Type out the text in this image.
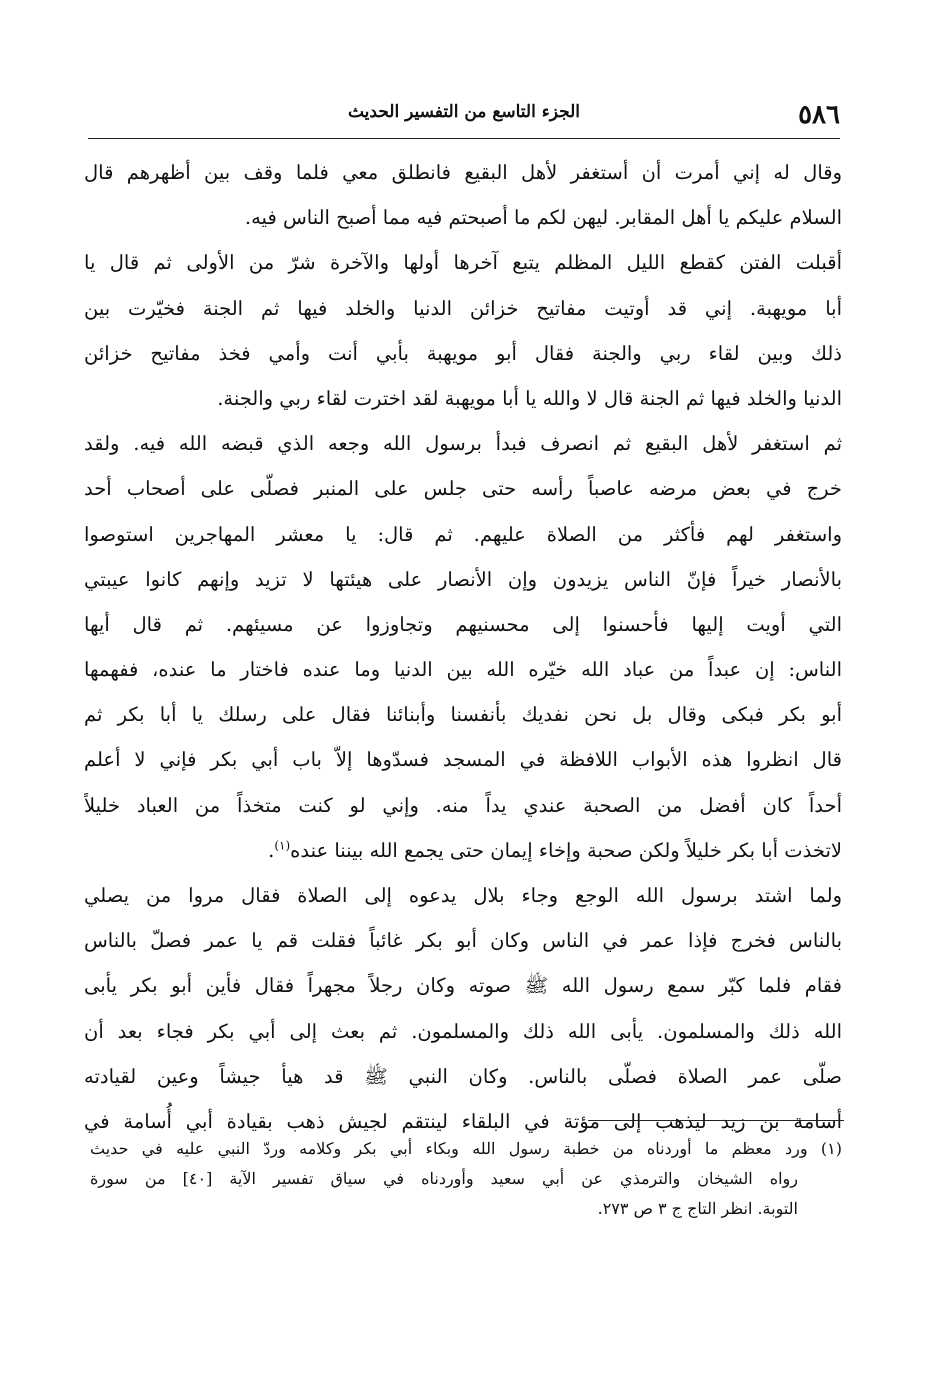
٥٨٦
الجزء التاسع من التفسير الحديث
وقال له إني أمرت أن أستغفر لأهل البقيع فانطلق معي فلما وقف بين أظهرهم قال
السلام عليكم يا أهل المقابر. ليهن لكم ما أصبحتم فيه مما أصبح الناس فيه.
أقبلت الفتن كقطع الليل المظلم يتبع آخرها أولها والآخرة شرّ من الأولى ثم قال يا
أبا مويهبة. إني قد أوتيت مفاتيح خزائن الدنيا والخلد فيها ثم الجنة فخيّرت بين
ذلك وبين لقاء ربي والجنة فقال أبو مويهبة بأبي أنت وأمي فخذ مفاتيح خزائن
الدنيا والخلد فيها ثم الجنة قال لا والله يا أبا مويهبة لقد اخترت لقاء ربي والجنة.
ثم استغفر لأهل البقيع ثم انصرف فبدأ برسول الله وجعه الذي قبضه الله فيه. ولقد
خرج في بعض مرضه عاصباً رأسه حتى جلس على المنبر فصلّى على أصحاب أحد
واستغفر لهم فأكثر من الصلاة عليهم. ثم قال: يا معشر المهاجرين استوصوا
بالأنصار خيراً فإنّ الناس يزيدون وإن الأنصار على هيئتها لا تزيد وإنهم كانوا عيبتي
التي أويت إليها فأحسنوا إلى محسنيهم وتجاوزوا عن مسيئهم. ثم قال أيها
الناس: إن عبداً من عباد الله خيّره الله بين الدنيا وما عنده فاختار ما عنده، ففهمها
أبو بكر فبكى وقال بل نحن نفديك بأنفسنا وأبنائنا فقال على رسلك يا أبا بكر ثم
قال انظروا هذه الأبواب اللافظة في المسجد فسدّوها إلاّ باب أبي بكر فإني لا أعلم
أحداً كان أفضل من الصحبة عندي يداً منه. وإني لو كنت متخذاً من العباد خليلاً
لاتخذت أبا بكر خليلاً ولكن صحبة وإخاء إيمان حتى يجمع الله بيننا عنده$^{(١)}$.
ولما اشتد برسول الله الوجع وجاء بلال يدعوه إلى الصلاة فقال مروا من يصلي
بالناس فخرج فإذا عمر في الناس وكان أبو بكر غائباً فقلت قم يا عمر فصلّ بالناس
فقام فلما كبّر سمع رسول الله ﷺ صوته وكان رجلاً مجهراً فقال فأين أبو بكر يأبى
الله ذلك والمسلمون. يأبى الله ذلك والمسلمون. ثم بعث إلى أبي بكر فجاء بعد أن
صلّى عمر الصلاة فصلّى بالناس. وكان النبي ﷺ قد هيأ جيشاً وعين لقيادته
أسامة بن زيد ليذهب إلى مؤتة في البلقاء لينتقم لجيش ذهب بقيادة أبي أُسامة في
(١) ورد معظم ما أوردناه من خطبة رسول الله وبكاء أبي بكر وكلامه وردّ النبي عليه في حديث
رواه الشيخان والترمذي عن أبي سعيد وأوردناه في سياق تفسير الآية [٤٠] من سورة
التوبة. انظر التاج ج ٣ ص ٢٧٣.
